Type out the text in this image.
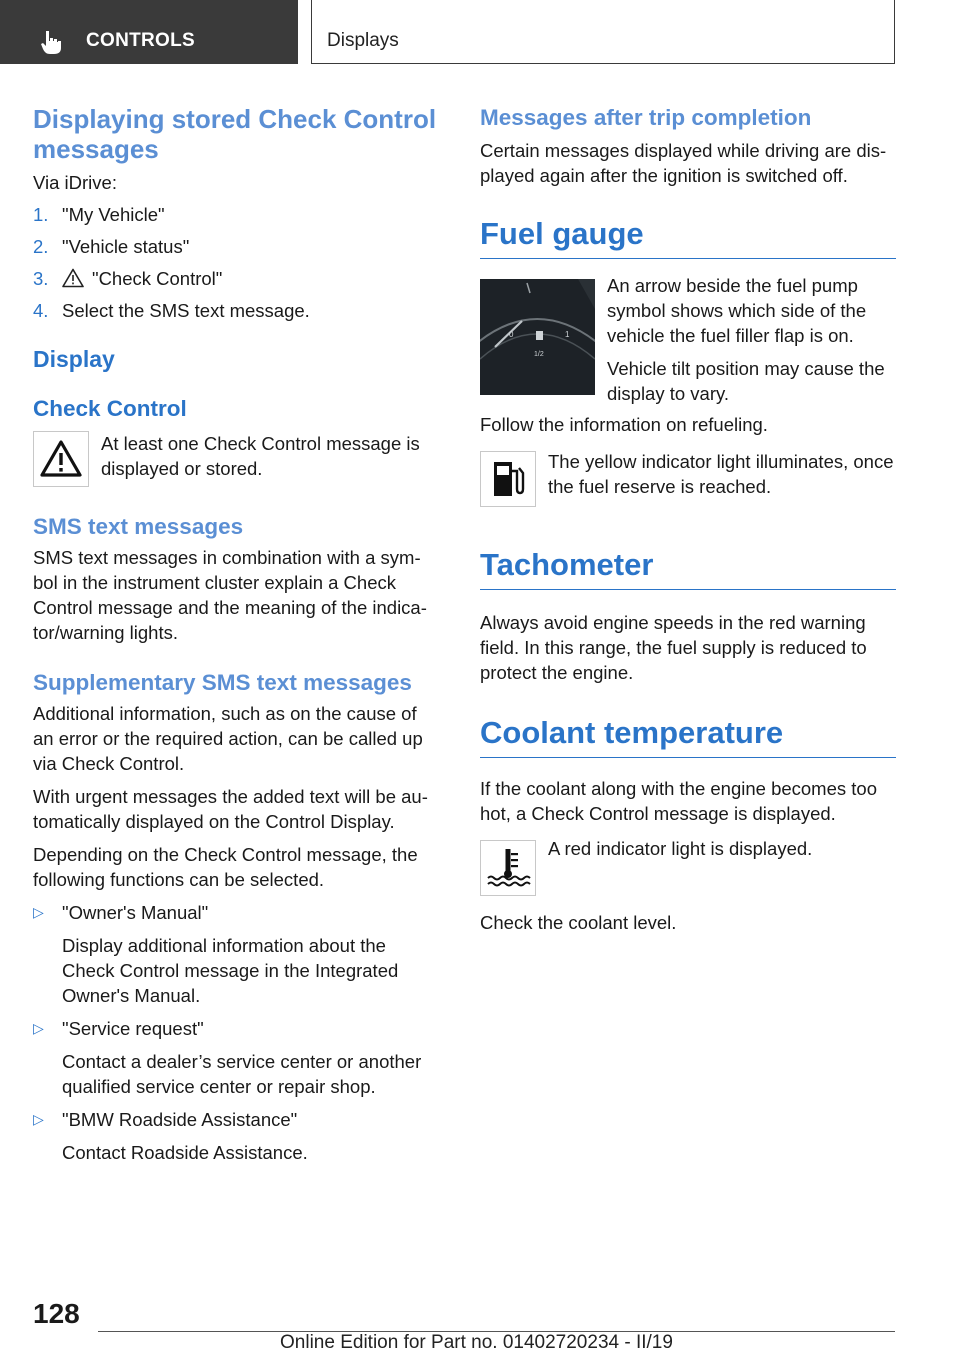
CONTROLS	Displays
Displaying stored Check Control messages

Via iDrive:

1. "My Vehicle"
2. "Vehicle status"
3.	"Check Control"
4. Select the SMS text message.
Display
Check Control

At least one Check Control message is displayed or stored.

SMS text messages

SMS text messages in combination with a sym-bol in the instrument cluster explain a Check Control message and the meaning of the indica-tor/warning lights.

Supplementary SMS text messages

Additional information, such as on the cause of an error or the required action, can be called up via Check Control.

With urgent messages the added text will be au-tomatically displayed on the Control Display.

Depending on the Check Control message, the following functions can be selected.

▷ "Owner's Manual"
Display additional information about the Check Control message in the Integrated Owner's Manual.
▷ "Service request"
Contact a dealer’s service center or another qualified service center or repair shop.
▷ "BMW Roadside Assistance"
Contact Roadside Assistance.
Messages after trip completion

Certain messages displayed while driving are dis-played again after the ignition is switched off.

Fuel gauge
0
1/2
1

An arrow beside the fuel pump symbol shows which side of the vehicle the fuel filler flap is on.

Vehicle tilt position may cause the display to vary.

Follow the information on refueling.

The yellow indicator light illuminates, once the fuel reserve is reached.

Tachometer

Always avoid engine speeds in the red warning field. In this range, the fuel supply is reduced to protect the engine.

Coolant temperature

If the coolant along with the engine becomes too hot, a Check Control message is displayed.

A red indicator light is displayed.

Check the coolant level.

128
Online Edition for Part no. 01402720234 - II/19
